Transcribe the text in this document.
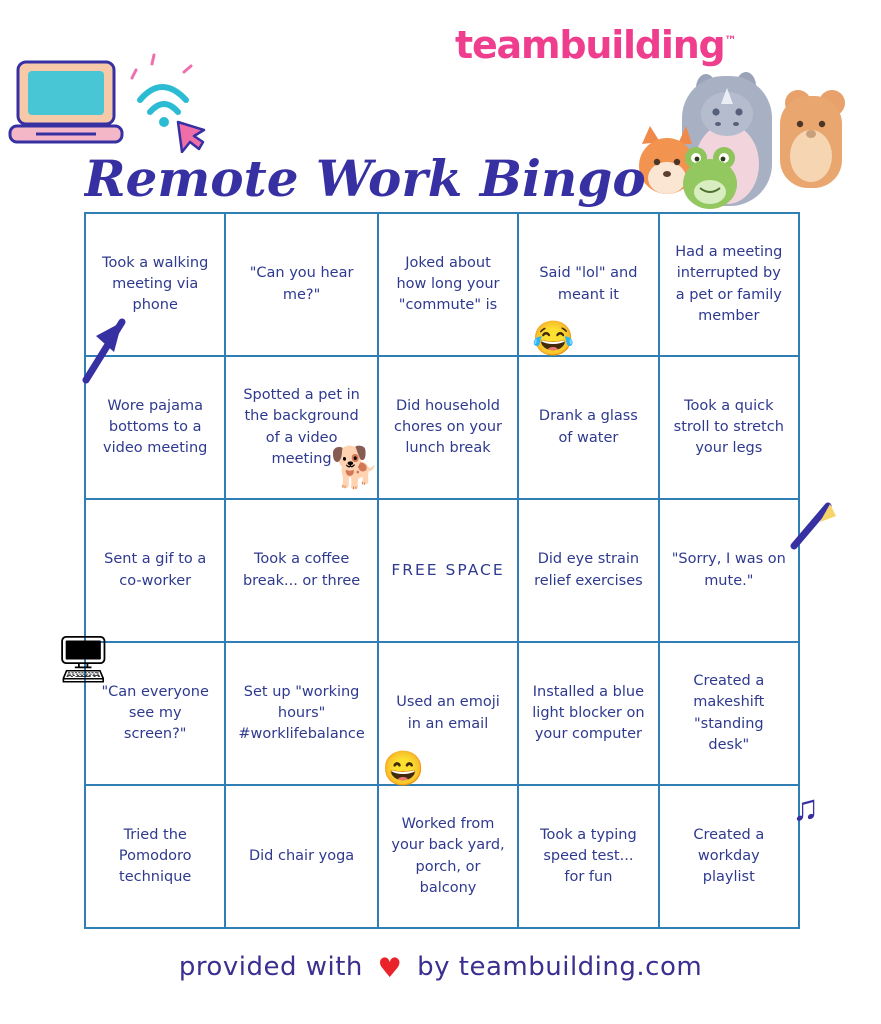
teambuilding™
Remote Work Bingo
Took a walking meeting via phone
"Can you hear me?"
Joked about how long your "commute" is
Said "lol" and meant it
Had a meeting interrupted by a pet or family member
Wore pajama bottoms to a video meeting
Spotted a pet in the background of a video meeting
Did household chores on your lunch break
Drank a glass of water
Took a quick stroll to stretch your legs
Sent a gif to a co-worker
Took a coffee break... or three
FREE SPACE
Did eye strain relief exercises
"Sorry, I was on mute."
"Can everyone see my screen?"
Set up "working hours" #worklifebalance
Used an emoji in an email
Installed a blue light blocker on your computer
Created a makeshift "standing desk"
Tried the Pomodoro technique
Did chair yoga
Worked from your back yard, porch, or balcony
Took a typing speed test... for fun
Created a workday playlist
😂
🐕
😄
🖥
♫
provided with ♥ by teambuilding.com
